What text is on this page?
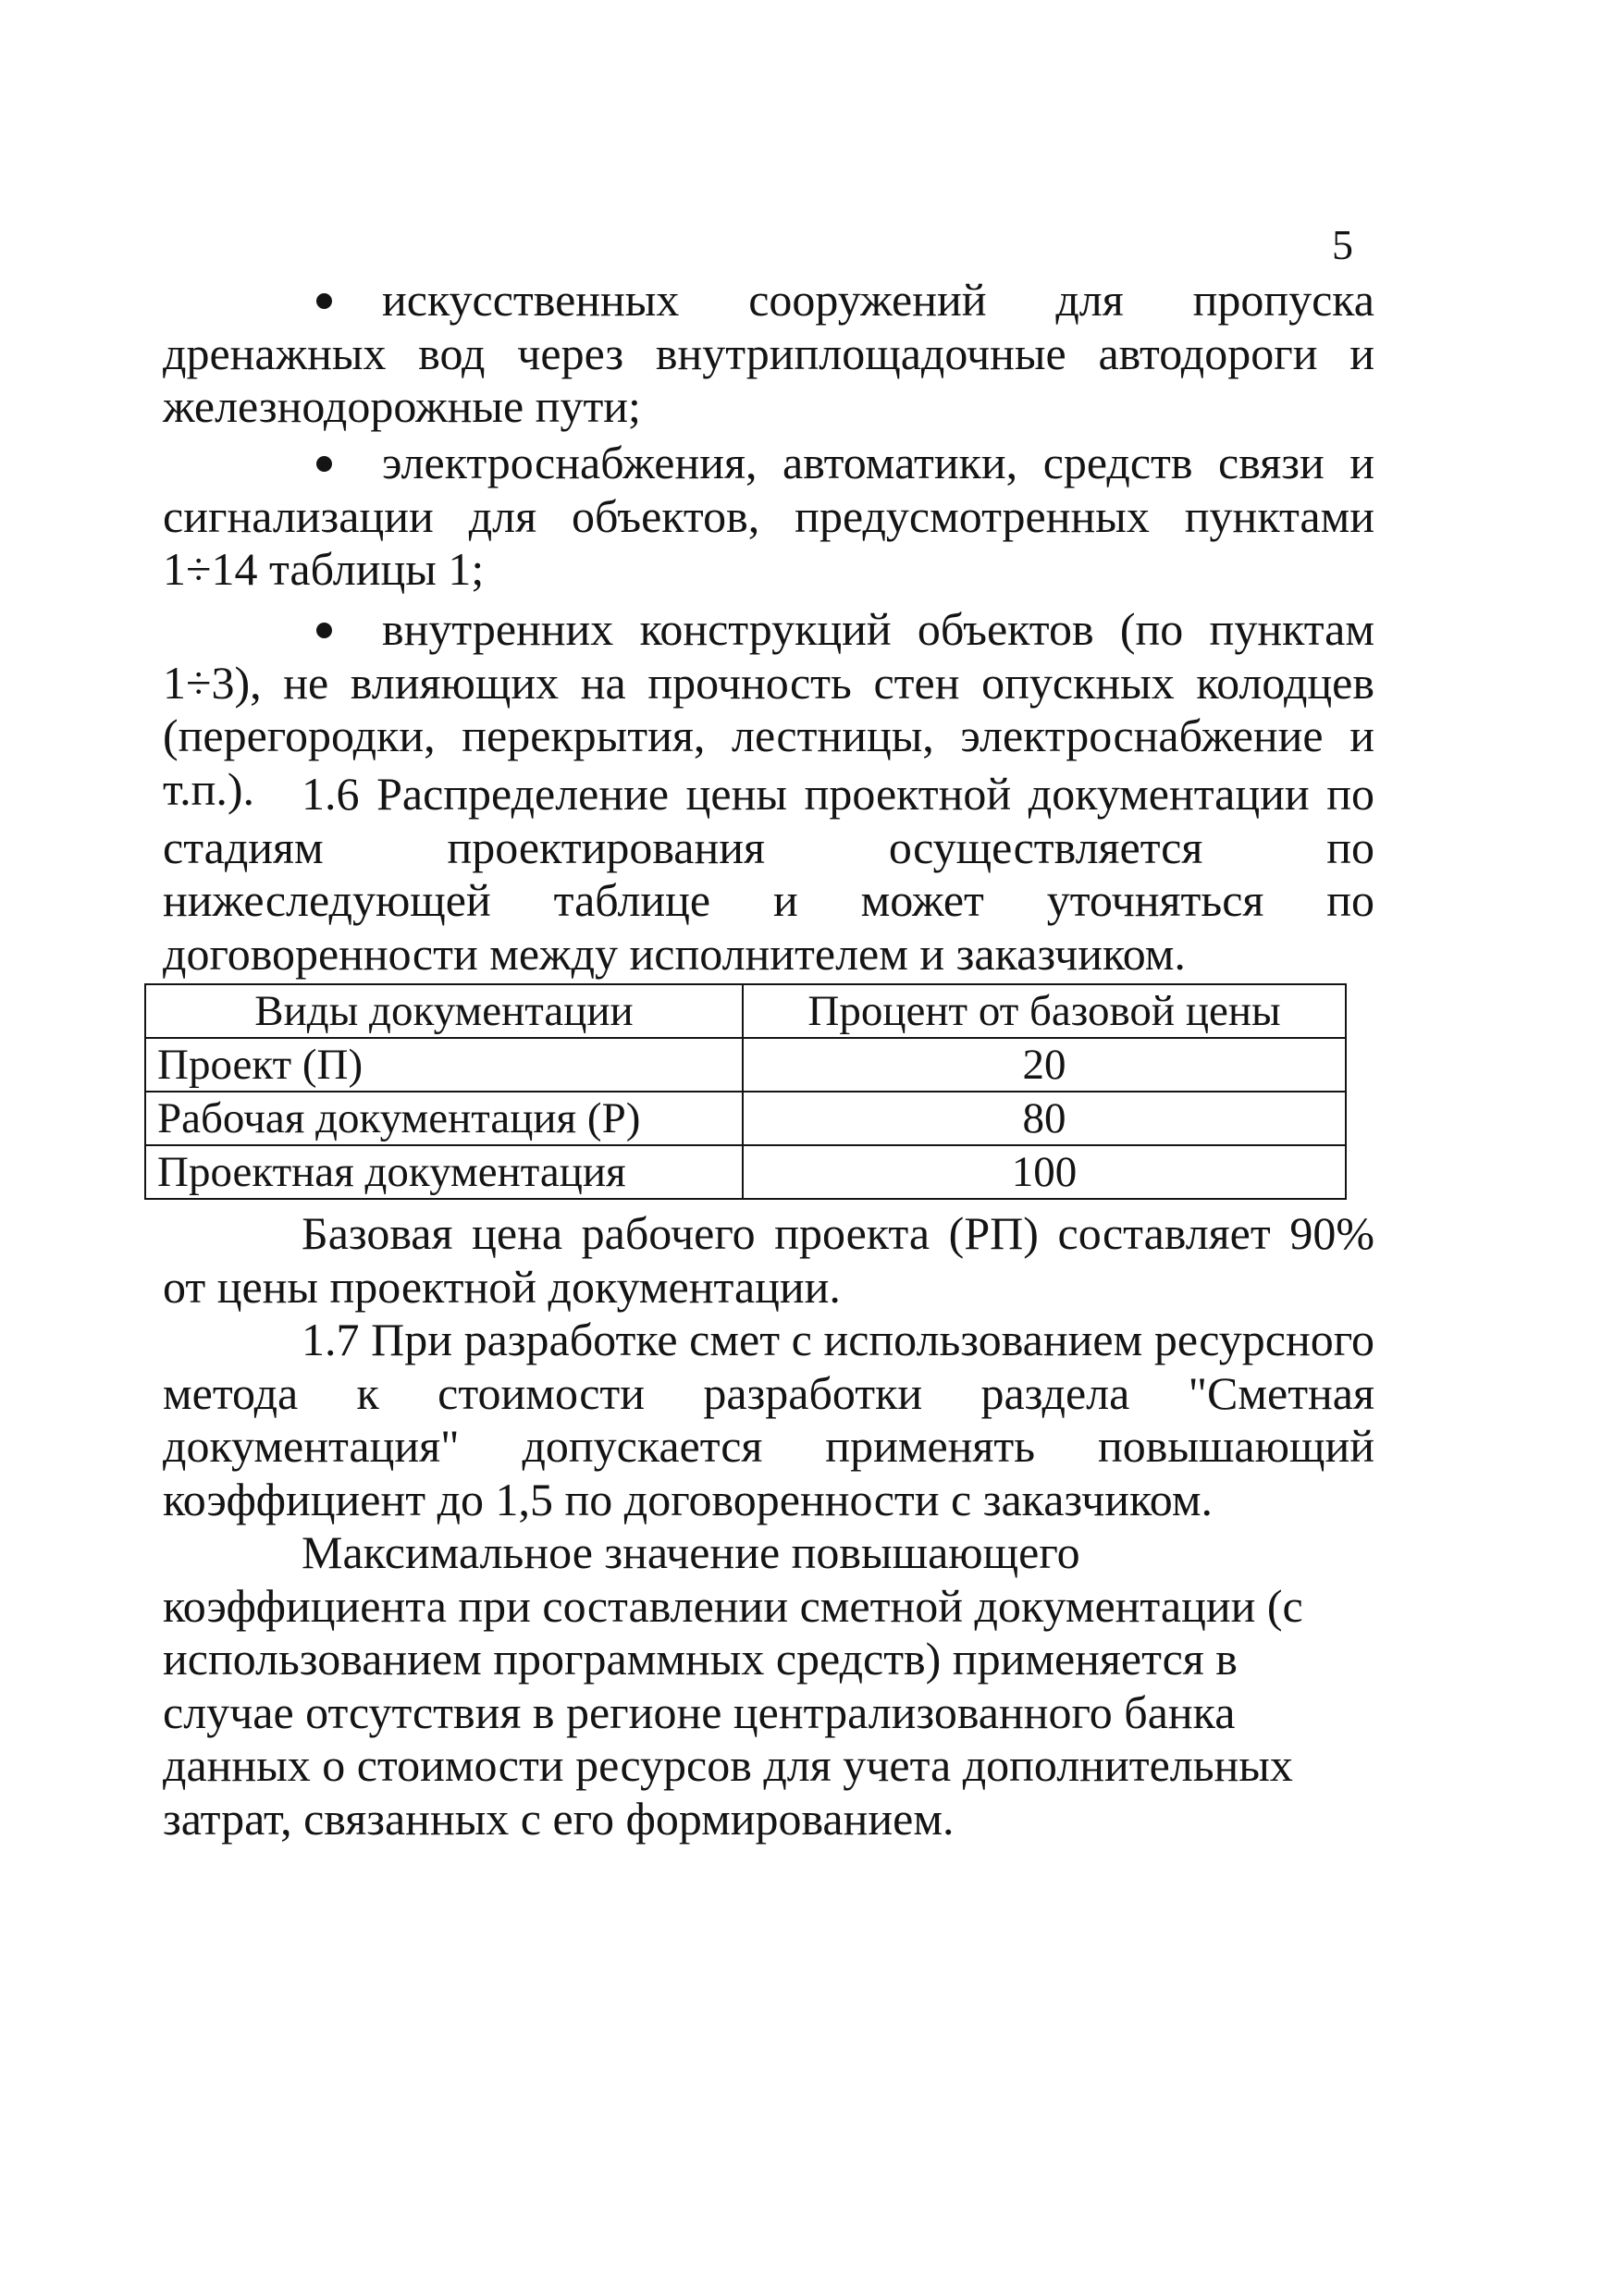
5
искусственных сооружений для пропуска дренажных вод через внутриплощадочные автодороги и железнодорожные пути;
электроснабжения, автоматики, средств связи и сигнализации для объектов, предусмотренных пунктами 1÷14 таблицы 1;
внутренних конструкций объектов (по пунктам 1÷3), не влияющих на прочность стен опускных колодцев (перегородки, перекрытия, лестницы, электроснабжение и т.п.).	1.6 Распределение цены проектной документации по стадиям проектирования осуществляется по нижеследующей таблице и может уточняться по договоренности между исполнителем и заказчиком.
Виды документации	Процент от базовой цены
Проект (П)	20
Рабочая документация (Р)	80
Проектная документация	100
Базовая цена рабочего проекта (РП) составляет 90% от цены проектной документации.
1.7 При разработке смет с использованием ресурсного метода к стоимости разработки раздела "Сметная документация" допускается применять повышающий коэффициент до 1,5 по договоренности с заказчиком.
Максимальное значение повышающего коэффициента при составлении сметной документации (с использованием программных средств) применяется в случае отсутствия в регионе централизованного банка данных о стоимости ресурсов для учета дополнительных затрат, связанных с его формированием.
